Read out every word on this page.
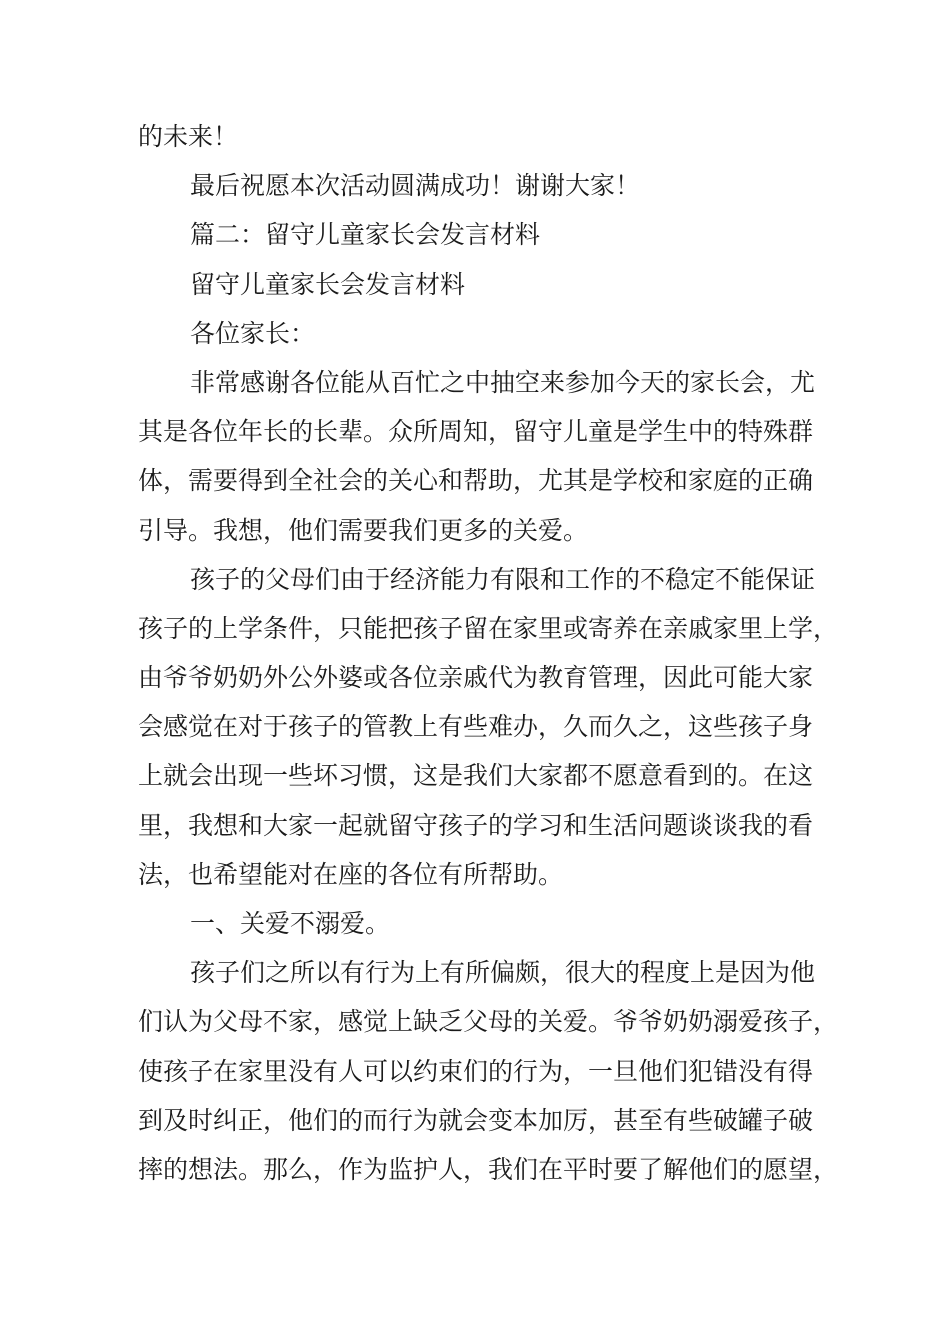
的未来！
最后祝愿本次活动圆满成功！谢谢大家！
篇二：留守儿童家长会发言材料
留守儿童家长会发言材料
各位家长：
非常感谢各位能从百忙之中抽空来参加今天的家长会，尤
其是各位年长的长辈。众所周知，留守儿童是学生中的特殊群
体，需要得到全社会的关心和帮助，尤其是学校和家庭的正确
引导。我想，他们需要我们更多的关爱。
孩子的父母们由于经济能力有限和工作的不稳定不能保证
孩子的上学条件，只能把孩子留在家里或寄养在亲戚家里上学，
由爷爷奶奶外公外婆或各位亲戚代为教育管理，因此可能大家
会感觉在对于孩子的管教上有些难办，久而久之，这些孩子身
上就会出现一些坏习惯，这是我们大家都不愿意看到的。在这
里，我想和大家一起就留守孩子的学习和生活问题谈谈我的看
法，也希望能对在座的各位有所帮助。
一、关爱不溺爱。
孩子们之所以有行为上有所偏颇，很大的程度上是因为他
们认为父母不家，感觉上缺乏父母的关爱。爷爷奶奶溺爱孩子，
使孩子在家里没有人可以约束们的行为，一旦他们犯错没有得
到及时纠正，他们的而行为就会变本加厉，甚至有些破罐子破
摔的想法。那么，作为监护人，我们在平时要了解他们的愿望，
